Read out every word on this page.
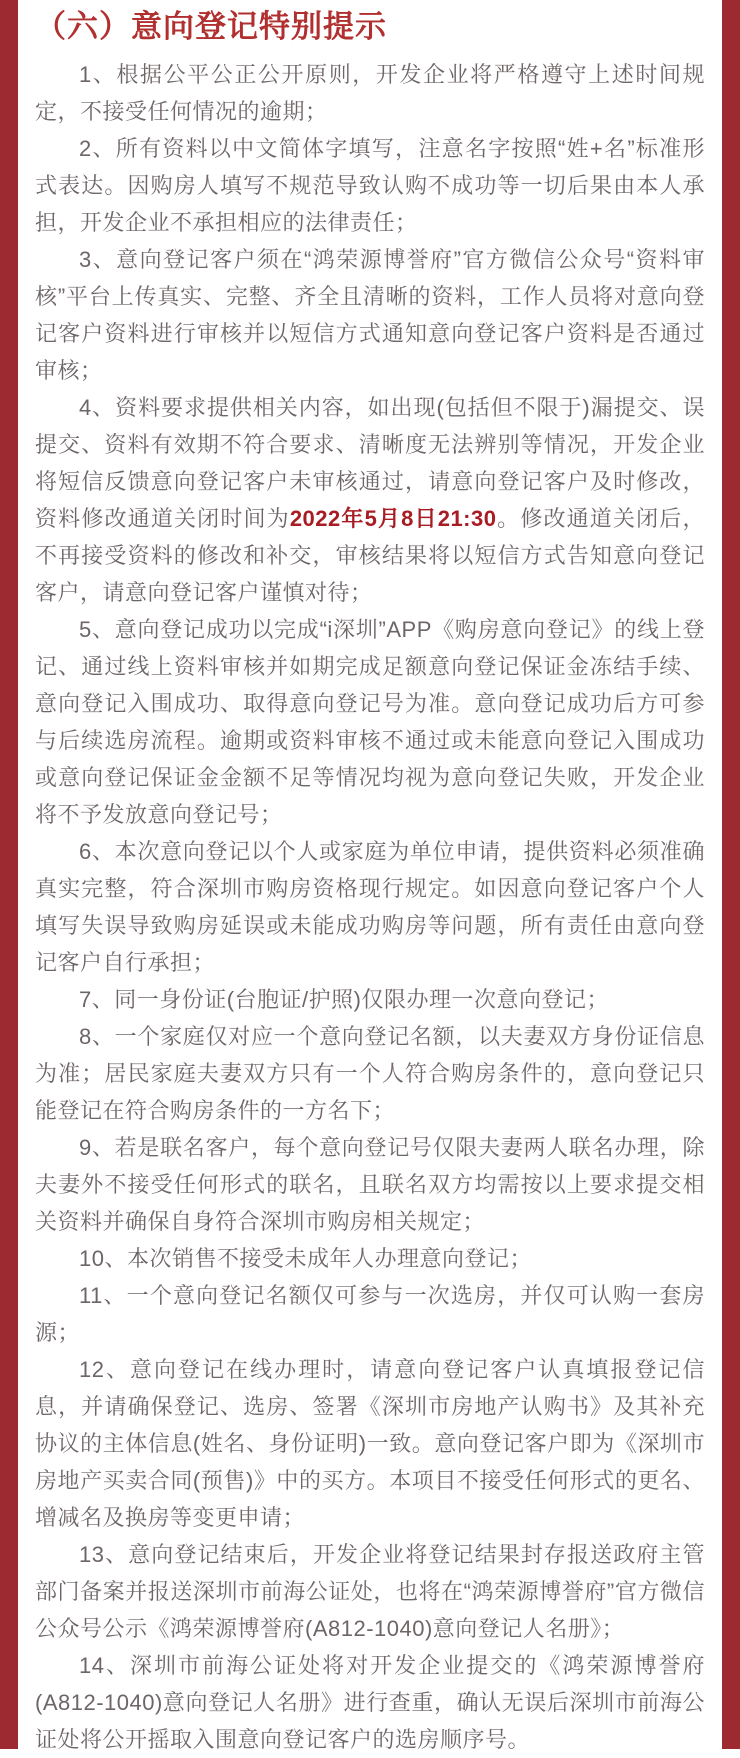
（六）意向登记特别提示

1、根据公平公正公开原则，开发企业将严格遵守上述时间规定，不接受任何情况的逾期；

2、所有资料以中文简体字填写，注意名字按照“姓+名”标准形式表达。因购房人填写不规范导致认购不成功等一切后果由本人承担，开发企业不承担相应的法律责任；

3、意向登记客户须在“鸿荣源博誉府”官方微信公众号“资料审核”平台上传真实、完整、齐全且清晰的资料，工作人员将对意向登记客户资料进行审核并以短信方式通知意向登记客户资料是否通过审核；

4、资料要求提供相关内容，如出现(包括但不限于)漏提交、误提交、资料有效期不符合要求、清晰度无法辨别等情况，开发企业将短信反馈意向登记客户未审核通过，请意向登记客户及时修改，资料修改通道关闭时间为2022年5月8日21:30。修改通道关闭后，不再接受资料的修改和补交，审核结果将以短信方式告知意向登记客户，请意向登记客户谨慎对待；

5、意向登记成功以完成“i深圳”APP《购房意向登记》的线上登记、通过线上资料审核并如期完成足额意向登记保证金冻结手续、意向登记入围成功、取得意向登记号为准。意向登记成功后方可参与后续选房流程。逾期或资料审核不通过或未能意向登记入围成功或意向登记保证金金额不足等情况均视为意向登记失败，开发企业将不予发放意向登记号；

6、本次意向登记以个人或家庭为单位申请，提供资料必须准确真实完整，符合深圳市购房资格现行规定。如因意向登记客户个人填写失误导致购房延误或未能成功购房等问题，所有责任由意向登记客户自行承担；

7、同一身份证(台胞证/护照)仅限办理一次意向登记；

8、一个家庭仅对应一个意向登记名额，以夫妻双方身份证信息为准；居民家庭夫妻双方只有一个人符合购房条件的，意向登记只能登记在符合购房条件的一方名下；

9、若是联名客户，每个意向登记号仅限夫妻两人联名办理，除夫妻外不接受任何形式的联名，且联名双方均需按以上要求提交相关资料并确保自身符合深圳市购房相关规定；

10、本次销售不接受未成年人办理意向登记；

11、一个意向登记名额仅可参与一次选房，并仅可认购一套房源；

12、意向登记在线办理时，请意向登记客户认真填报登记信息，并请确保登记、选房、签署《深圳市房地产认购书》及其补充协议的主体信息(姓名、身份证明)一致。意向登记客户即为《深圳市房地产买卖合同(预售)》中的买方。本项目不接受任何形式的更名、增减名及换房等变更申请；

13、意向登记结束后，开发企业将登记结果封存报送政府主管部门备案并报送深圳市前海公证处，也将在“鸿荣源博誉府”官方微信公众号公示《鸿荣源博誉府(A812-1040)意向登记人名册》；

14、深圳市前海公证处将对开发企业提交的《鸿荣源博誉府(A812-1040)意向登记人名册》进行查重，确认无误后深圳市前海公证处将公开摇取入围意向登记客户的选房顺序号。
